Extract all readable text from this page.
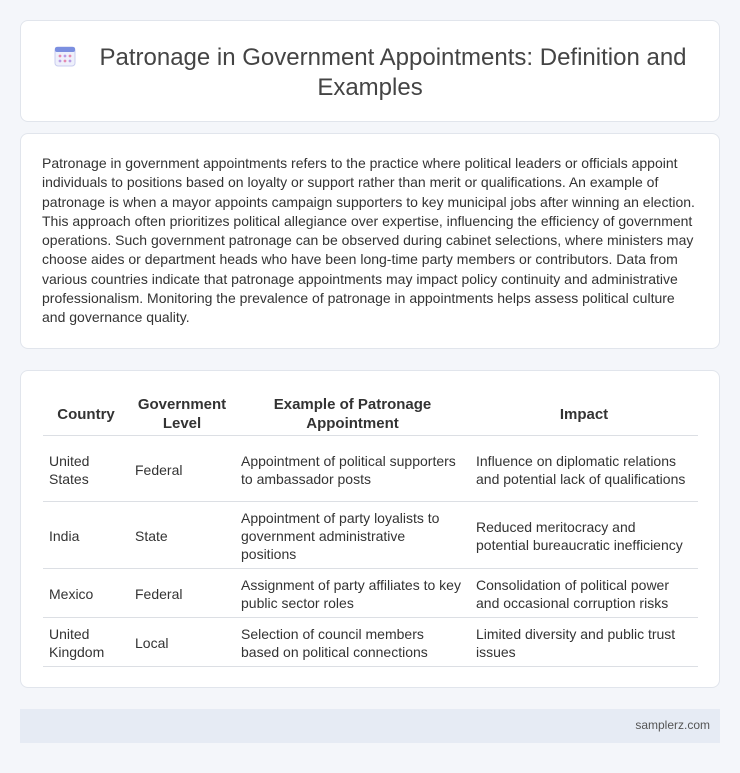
Patronage in Government Appointments: Definition and Examples

Patronage in government appointments refers to the practice where political leaders or officials appoint individuals to positions based on loyalty or support rather than merit or qualifications. An example of patronage is when a mayor appoints campaign supporters to key municipal jobs after winning an election. This approach often prioritizes political allegiance over expertise, influencing the efficiency of government operations. Such government patronage can be observed during cabinet selections, where ministers may choose aides or department heads who have been long-time party members or contributors. Data from various countries indicate that patronage appointments may impact policy continuity and administrative professionalism. Monitoring the prevalence of patronage in appointments helps assess political culture and governance quality.

Country	Government Level	Example of Patronage Appointment	Impact
United States	Federal	Appointment of political supporters to ambassador posts	Influence on diplomatic relations and potential lack of qualifications
India	State	Appointment of party loyalists to government administrative positions	Reduced meritocracy and potential bureaucratic inefficiency
Mexico	Federal	Assignment of party affiliates to key public sector roles	Consolidation of political power and occasional corruption risks
United Kingdom	Local	Selection of council members based on political connections	Limited diversity and public trust issues
samplerz.com
